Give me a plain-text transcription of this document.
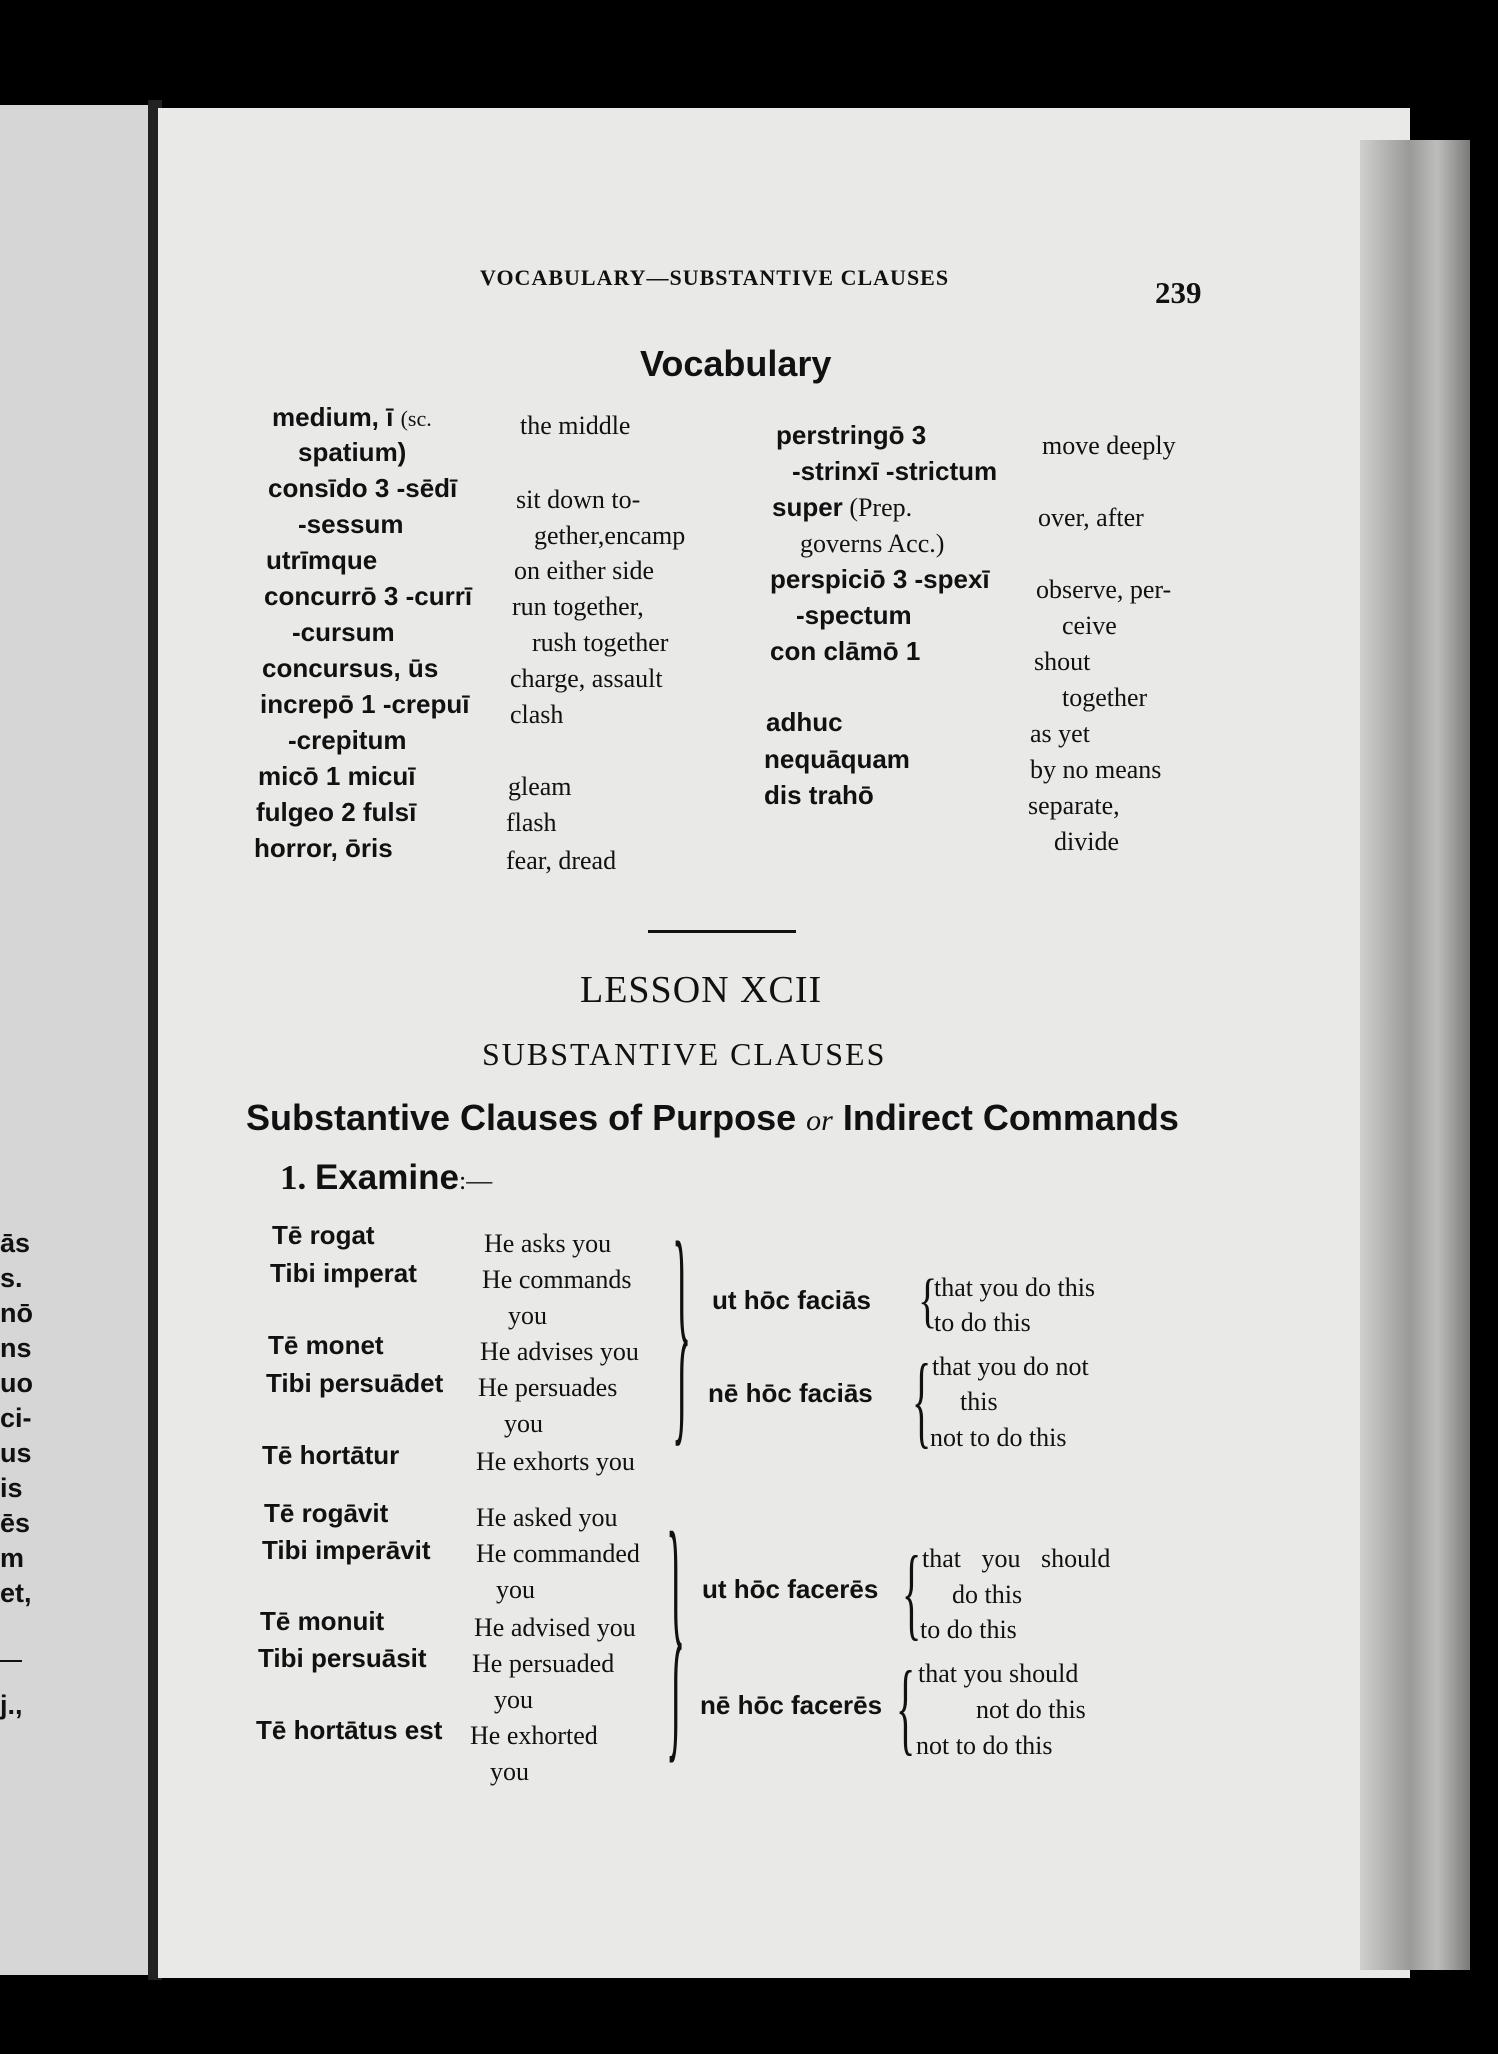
ās
s.
nō
ns
uo
ci-
us
is
ēs
m
et,
j.,
VOCABULARY—SUBSTANTIVE CLAUSES	239
Vocabulary
medium, ī (sc.
spatium)
consīdo 3 -sēdī
-sessum
utrīmque
concurrō 3 -currī
-cursum
concursus, ūs
increpō 1 -crepuī
-crepitum
micō 1 micuī
fulgeo 2 fulsī
horror, ōris
the middle
sit down to-
gether,encamp
on either side
run together,
rush together
charge, assault
clash
gleam
flash
fear, dread
perstringō 3
-strinxī -strictum
super (Prep.
governs Acc.)
perspiciō 3 -spexī
-spectum
con clāmō 1
adhuc
nequāquam
dis trahō
move deeply
over, after
observe, per-
ceive
shout
together
as yet
by no means
separate,
divide
LESSON XCII
SUBSTANTIVE CLAUSES
Substantive Clauses of Purpose or Indirect Commands
1. Examine:—
Tē rogat
Tibi imperat
Tē monet
Tibi persuādet
Tē hortātur
He asks you
He commands
you
He advises you
He persuades
you
He exhorts you } ut hōc faciās
nē hōc faciās
{
{
that you do this
to do this
that you do not
this
not to do this
Tē rogāvit
Tibi imperāvit
Tē monuit
Tibi persuāsit
Tē hortātus est
He asked you
He commanded
you
He advised you
He persuaded
you
He exhorted
you	} ut hōc facerēs
nē hōc facerēs
{
{
that you should
do this
to do this
that you should
not do this
not to do this
